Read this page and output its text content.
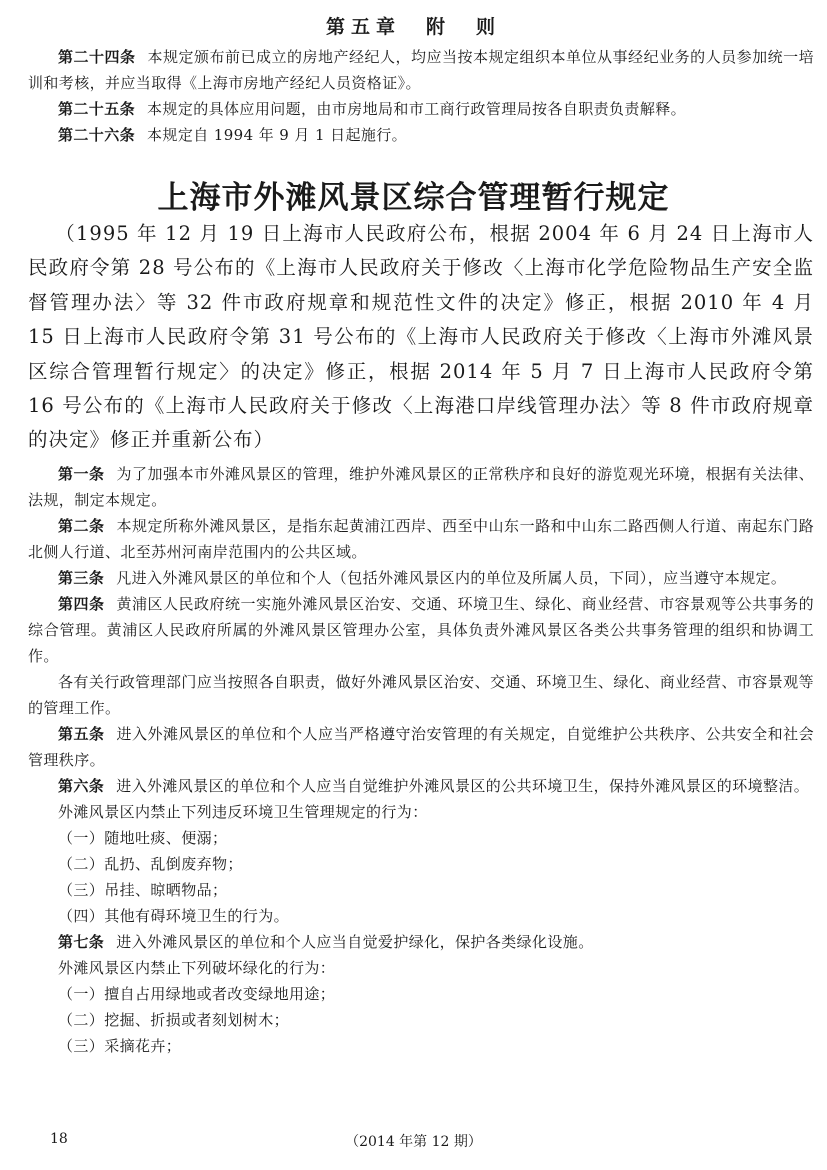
第五章　附　则

第二十四条 本规定颁布前已成立的房地产经纪人，均应当按本规定组织本单位从事经纪业务的人员参加统一培训和考核，并应当取得《上海市房地产经纪人员资格证》。

第二十五条 本规定的具体应用问题，由市房地局和市工商行政管理局按各自职责负责解释。

第二十六条 本规定自 1994 年 9 月 1 日起施行。

上海市外滩风景区综合管理暂行规定

（1995 年 12 月 19 日上海市人民政府公布，根据 2004 年 6 月 24 日上海市人民政府令第 28 号公布的《上海市人民政府关于修改〈上海市化学危险物品生产安全监督管理办法〉等 32 件市政府规章和规范性文件的决定》修正，根据 2010 年 4 月 15 日上海市人民政府令第 31 号公布的《上海市人民政府关于修改〈上海市外滩风景区综合管理暂行规定〉的决定》修正，根据 2014 年 5 月 7 日上海市人民政府令第 16 号公布的《上海市人民政府关于修改〈上海港口岸线管理办法〉等 8 件市政府规章的决定》修正并重新公布）

第一条 为了加强本市外滩风景区的管理，维护外滩风景区的正常秩序和良好的游览观光环境，根据有关法律、法规，制定本规定。

第二条 本规定所称外滩风景区，是指东起黄浦江西岸、西至中山东一路和中山东二路西侧人行道、南起东门路北侧人行道、北至苏州河南岸范围内的公共区域。

第三条 凡进入外滩风景区的单位和个人（包括外滩风景区内的单位及所属人员，下同），应当遵守本规定。

第四条 黄浦区人民政府统一实施外滩风景区治安、交通、环境卫生、绿化、商业经营、市容景观等公共事务的综合管理。黄浦区人民政府所属的外滩风景区管理办公室，具体负责外滩风景区各类公共事务管理的组织和协调工作。

各有关行政管理部门应当按照各自职责，做好外滩风景区治安、交通、环境卫生、绿化、商业经营、市容景观等的管理工作。

第五条 进入外滩风景区的单位和个人应当严格遵守治安管理的有关规定，自觉维护公共秩序、公共安全和社会管理秩序。

第六条 进入外滩风景区的单位和个人应当自觉维护外滩风景区的公共环境卫生，保持外滩风景区的环境整洁。

外滩风景区内禁止下列违反环境卫生管理规定的行为：

（一）随地吐痰、便溺；

（二）乱扔、乱倒废弃物；

（三）吊挂、晾晒物品；

（四）其他有碍环境卫生的行为。

第七条 进入外滩风景区的单位和个人应当自觉爱护绿化，保护各类绿化设施。

外滩风景区内禁止下列破坏绿化的行为：

（一）擅自占用绿地或者改变绿地用途；

（二）挖掘、折损或者刻划树木；

（三）采摘花卉；

18	（2014 年第 12 期）
